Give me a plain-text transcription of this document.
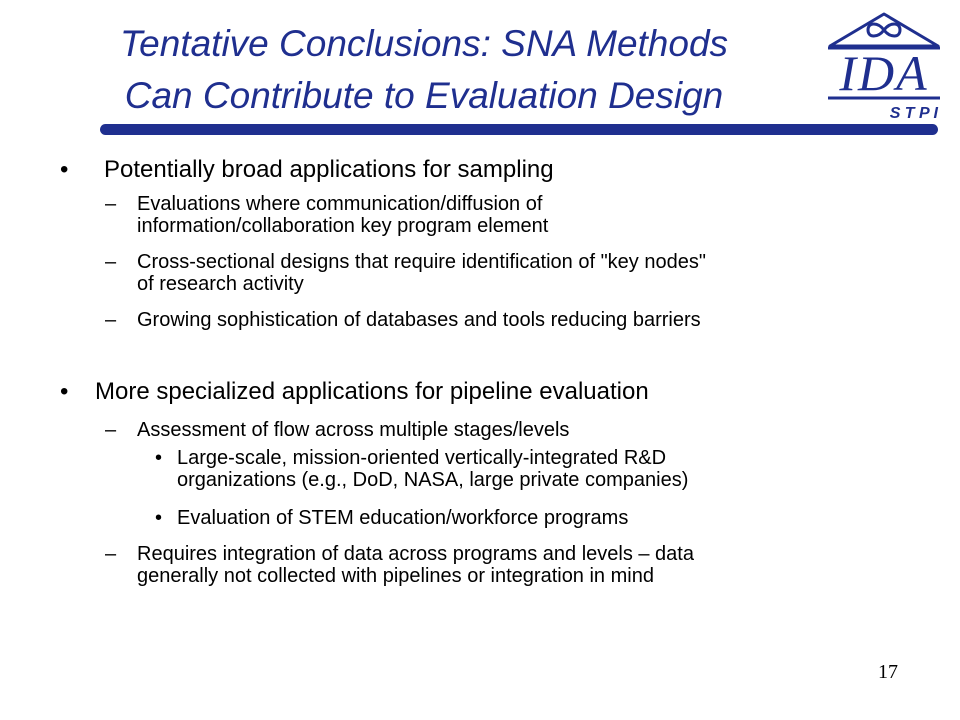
Tentative Conclusions: SNA Methods
Can Contribute to Evaluation Design	IDA
S T P I
• Potentially broad applications for sampling
– Evaluations where communication/diffusion of
information/collaboration key program element
– Cross-sectional designs that require identification of "key nodes"
of research activity
– Growing sophistication of databases and tools reducing barriers
• More specialized applications for pipeline evaluation
– Assessment of flow across multiple stages/levels
• Large-scale, mission-oriented vertically-integrated R&D
organizations (e.g., DoD, NASA, large private companies)
• Evaluation of STEM education/workforce programs
– Requires integration of data across programs and levels – data
generally not collected with pipelines or integration in mind
17
